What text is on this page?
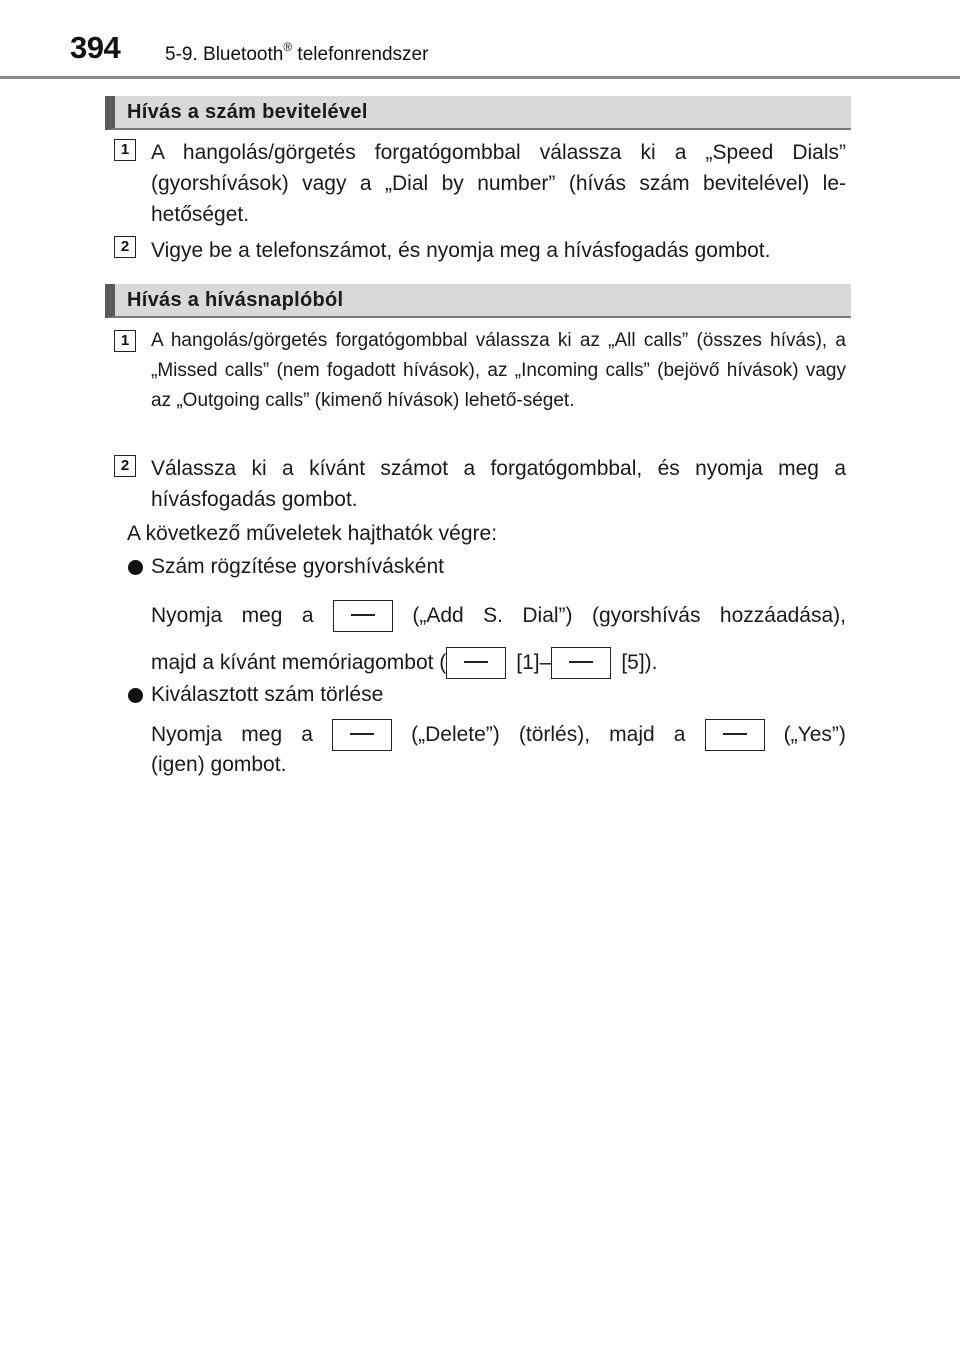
394 5-9. Bluetooth® telefonrendszer
Hívás a szám bevitelével
1	A hangolás/görgetés forgatógombbal válassza ki a „Speed Dials” (gyorshívások) vagy a „Dial by number” (hívás szám bevitelével) le-hetőséget.
2	Vigye be a telefonszámot, és nyomja meg a hívásfogadás gombot.
Hívás a hívásnaplóból
1	A hangolás/görgetés forgatógombbal válassza ki az „All calls” (összes hívás), a „Missed calls” (nem fogadott hívások), az „Incoming calls” (bejövő hívások) vagy az „Outgoing calls” (kimenő hívások) lehető-séget.
2	Válassza ki a kívánt számot a forgatógombbal, és nyomja meg a hívásfogadás gombot.
A következő műveletek hajthatók végre:
Szám rögzítése gyorshívásként
Nyomja meg a	(„Add S. Dial”) (gyorshívás hozzáadása),
majd a kívánt memóriagombot (	[1]–	[5]).
Kiválasztott szám törlése
Nyomja meg a	(„Delete”) (törlés), majd a	(„Yes”)
(igen) gombot.
